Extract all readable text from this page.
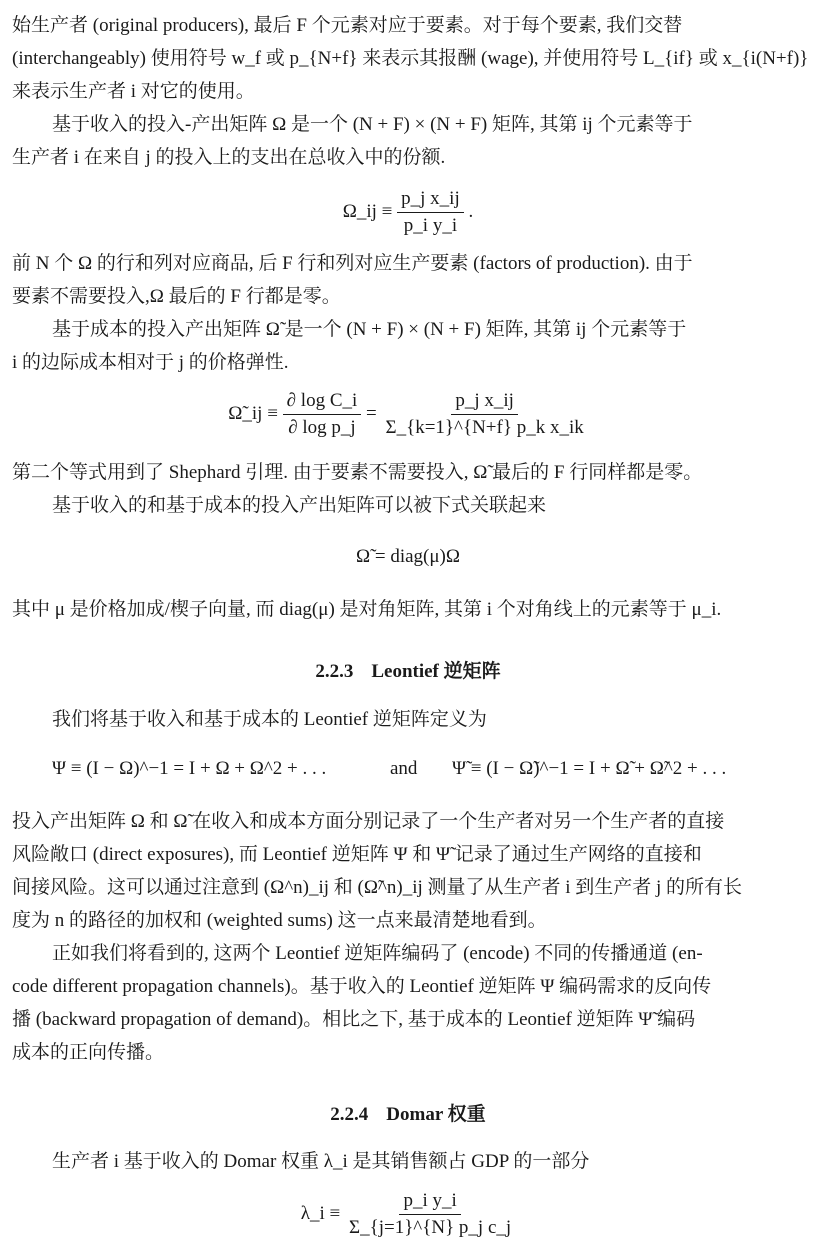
始生产者 (original producers), 最后 F 个元素对应于要素。对于每个要素, 我们交替
(interchangeably) 使用符号 w_f 或 p_{N+f} 来表示其报酬 (wage), 并使用符号 L_{if} 或 x_{i(N+f)}
来表示生产者 i 对它的使用。
基于收入的投入-产出矩阵 Ω 是一个 (N + F) × (N + F) 矩阵, 其第 ij 个元素等于
生产者 i 在来自 j 的投入上的支出在总收入中的份额.
Ω_ij ≡ $\frac{\text{p\_j x\_ij}}{\text{p\_i y\_i}}$ .
前 N 个 Ω 的行和列对应商品, 后 F 行和列对应生产要素 (factors of production). 由于
要素不需要投入,Ω 最后的 F 行都是零。
基于成本的投入产出矩阵 Ω̃ 是一个 (N + F) × (N + F) 矩阵, 其第 ij 个元素等于
i 的边际成本相对于 j 的价格弹性.
Ω̃_ij ≡ $\frac{\text{∂ log C\_i}}{\text{∂ log p\_j}} = \frac{\text{p\_j x\_ij}}{\text{Σ\_\{k=1\}\textasciicircum{}\{N+f\} p\_k x\_ik}}$
第二个等式用到了 Shephard 引理. 由于要素不需要投入, Ω̃ 最后的 F 行同样都是零。
基于收入的和基于成本的投入产出矩阵可以被下式关联起来
Ω̃ = diag(μ)Ω
其中 μ 是价格加成/楔子向量, 而 diag(μ) 是对角矩阵, 其第 i 个对角线上的元素等于 μ_i.
2.2.3 Leontief 逆矩阵
我们将基于收入和基于成本的 Leontief 逆矩阵定义为
Ψ ≡ (I − Ω)^−1 = I + Ω + Ω^2 + . . .	and Ψ̃ ≡ (I − Ω̃)^−1 = I + Ω̃ + Ω̃^2 + . . .
投入产出矩阵 Ω 和 Ω̃ 在收入和成本方面分别记录了一个生产者对另一个生产者的直接
风险敞口 (direct exposures), 而 Leontief 逆矩阵 Ψ 和 Ψ̃ 记录了通过生产网络的直接和
间接风险。这可以通过注意到 (Ω^n)_ij 和 (Ω̃^n)_ij 测量了从生产者 i 到生产者 j 的所有长
度为 n 的路径的加权和 (weighted sums) 这一点来最清楚地看到。
正如我们将看到的, 这两个 Leontief 逆矩阵编码了 (encode) 不同的传播通道 (en-
code different propagation channels)。基于收入的 Leontief 逆矩阵 Ψ 编码需求的反向传
播 (backward propagation of demand)。相比之下, 基于成本的 Leontief 逆矩阵 Ψ̃ 编码
成本的正向传播。
2.2.4 Domar 权重
生产者 i 基于收入的 Domar 权重 λ_i 是其销售额占 GDP 的一部分
λ_i ≡ $\frac{\text{p\_i y\_i}}{\text{Σ\_\{j=1\}\textasciicircum{}\{N\} p\_j c\_j}}$
